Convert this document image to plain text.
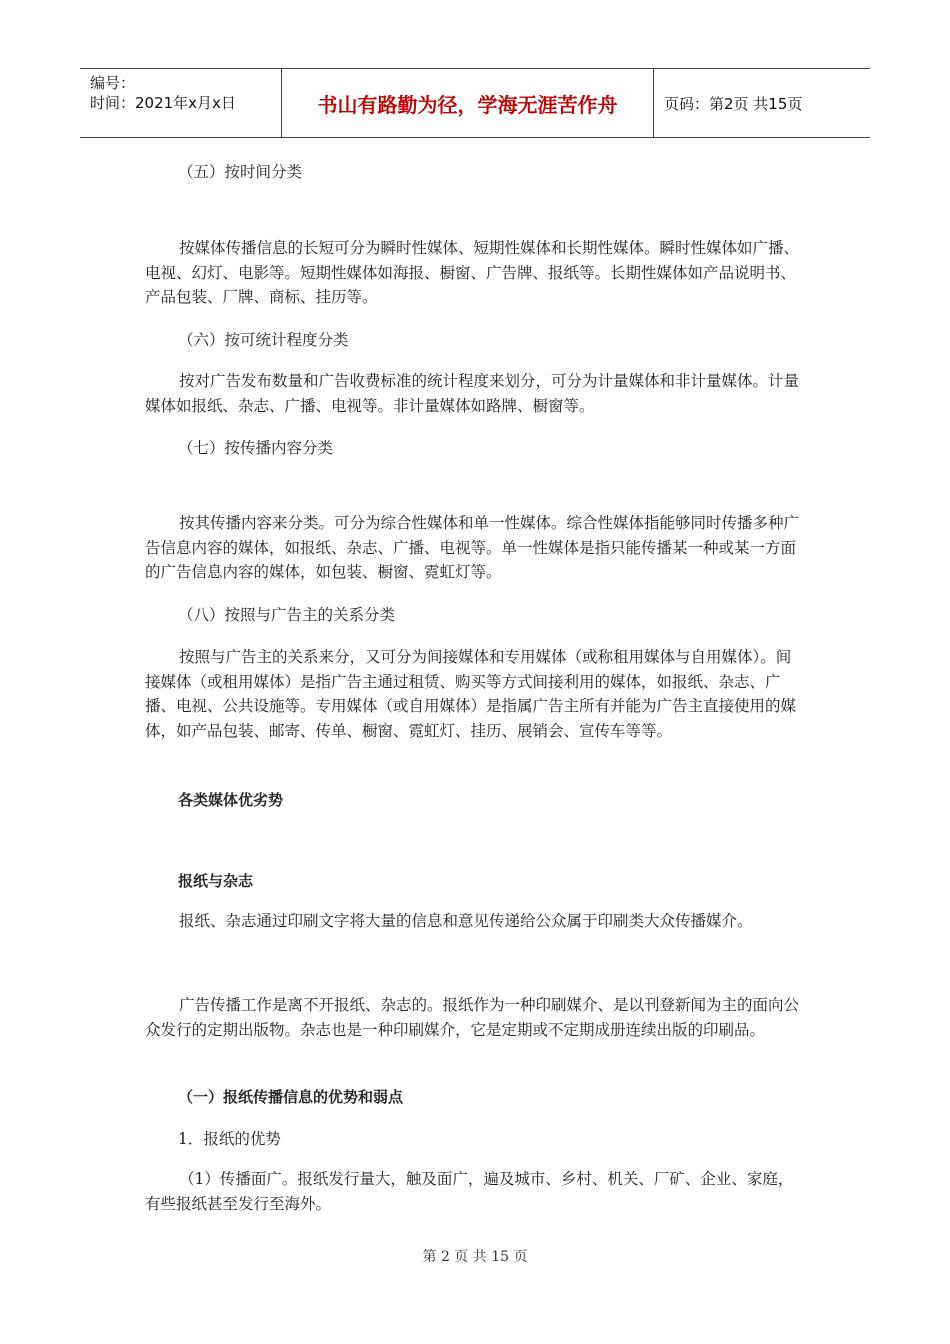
编号：
时间：2021年x月x日	书山有路勤为径，学海无涯苦作舟	页码：第2页 共15页
（五）按时间分类
按媒体传播信息的长短可分为瞬时性媒体、短期性媒体和长期性媒体。瞬时性媒体如广播、电视、幻灯、电影等。短期性媒体如海报、橱窗、广告牌、报纸等。长期性媒体如产品说明书、产品包装、厂牌、商标、挂历等。
（六）按可统计程度分类
按对广告发布数量和广告收费标准的统计程度来划分，可分为计量媒体和非计量媒体。计量媒体如报纸、杂志、广播、电视等。非计量媒体如路牌、橱窗等。
（七）按传播内容分类
按其传播内容来分类。可分为综合性媒体和单一性媒体。综合性媒体指能够同时传播多种广告信息内容的媒体，如报纸、杂志、广播、电视等。单一性媒体是指只能传播某一种或某一方面的广告信息内容的媒体，如包装、橱窗、霓虹灯等。
（八）按照与广告主的关系分类
按照与广告主的关系来分，又可分为间接媒体和专用媒体（或称租用媒体与自用媒体）。间接媒体（或租用媒体）是指广告主通过租赁、购买等方式间接利用的媒体，如报纸、杂志、广播、电视、公共设施等。专用媒体（或自用媒体）是指属广告主所有并能为广告主直接使用的媒体，如产品包装、邮寄、传单、橱窗、霓虹灯、挂历、展销会、宣传车等等。
各类媒体优劣势
报纸与杂志
报纸、杂志通过印刷文字将大量的信息和意见传递给公众属于印刷类大众传播媒介。
广告传播工作是离不开报纸、杂志的。报纸作为一种印刷媒介、是以刊登新闻为主的面向公众发行的定期出版物。杂志也是一种印刷媒介，它是定期或不定期成册连续出版的印刷品。
（一）报纸传播信息的优势和弱点
1．报纸的优势
（1）传播面广。报纸发行量大，触及面广，遍及城市、乡村、机关、厂矿、企业、家庭，有些报纸甚至发行至海外。
第 2 页 共 15 页
